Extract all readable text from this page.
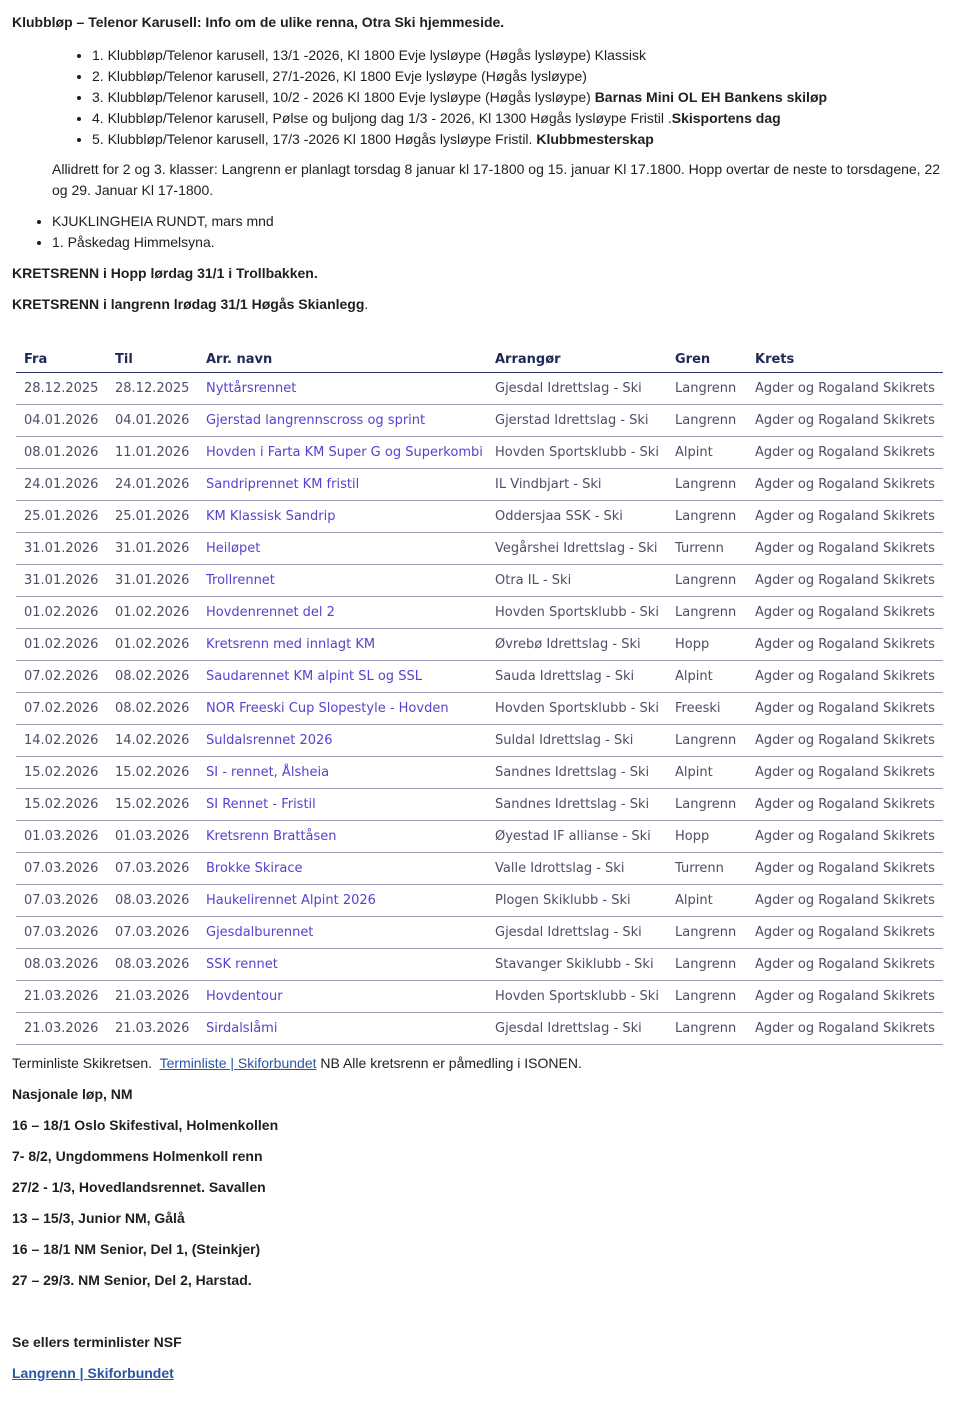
Klubbløp – Telenor Karusell: Info om de ulike renna, Otra Ski hjemmeside.

• 1. Klubbløp/Telenor karusell, 13/1 -2026, Kl 1800 Evje lysløype (Høgås lysløype) Klassisk
• 2. Klubbløp/Telenor karusell, 27/1-2026, Kl 1800 Evje lysløype (Høgås lysløype)
• 3. Klubbløp/Telenor karusell, 10/2 - 2026 Kl 1800 Evje lysløype (Høgås lysløype) Barnas Mini OL EH Bankens skiløp
• 4. Klubbløp/Telenor karusell, Pølse og buljong dag 1/3 - 2026, Kl 1300 Høgås lysløype Fristil .Skisportens dag
• 5. Klubbløp/Telenor karusell, 17/3 -2026 Kl 1800 Høgås lysløype Fristil. Klubbmesterskap
Allidrett for 2 og 3. klasser: Langrenn er planlagt torsdag 8 januar kl 17-1800 og 15. januar Kl 17.1800. Hopp overtar de neste to torsdagene, 22 og 29. Januar Kl 17-1800.
• KJUKLINGHEIA RUNDT, mars mnd
• 1. Påskedag Himmelsyna.

KRETSRENN i Hopp lørdag 31/1 i Trollbakken.

KRETSRENN i langrenn lrødag 31/1 Høgås Skianlegg.

Fra	Til	Arr. navn	Arrangør	Gren	Krets
28.12.2025	28.12.2025	Nyttårsrennet	Gjesdal Idrettslag - Ski	Langrenn	Agder og Rogaland Skikrets
04.01.2026	04.01.2026	Gjerstad langrennscross og sprint	Gjerstad Idrettslag - Ski	Langrenn	Agder og Rogaland Skikrets
08.01.2026	11.01.2026	Hovden i Farta KM Super G og Superkombi	Hovden Sportsklubb - Ski	Alpint	Agder og Rogaland Skikrets
24.01.2026	24.01.2026	Sandriprennet KM fristil	IL Vindbjart - Ski	Langrenn	Agder og Rogaland Skikrets
25.01.2026	25.01.2026	KM Klassisk Sandrip	Oddersjaa SSK - Ski	Langrenn	Agder og Rogaland Skikrets
31.01.2026	31.01.2026	Heiløpet	Vegårshei Idrettslag - Ski	Turrenn	Agder og Rogaland Skikrets
31.01.2026	31.01.2026	Trollrennet	Otra IL - Ski	Langrenn	Agder og Rogaland Skikrets
01.02.2026	01.02.2026	Hovdenrennet del 2	Hovden Sportsklubb - Ski	Langrenn	Agder og Rogaland Skikrets
01.02.2026	01.02.2026	Kretsrenn med innlagt KM	Øvrebø Idrettslag - Ski	Hopp	Agder og Rogaland Skikrets
07.02.2026	08.02.2026	Saudarennet KM alpint SL og SSL	Sauda Idrettslag - Ski	Alpint	Agder og Rogaland Skikrets
07.02.2026	08.02.2026	NOR Freeski Cup Slopestyle - Hovden	Hovden Sportsklubb - Ski	Freeski	Agder og Rogaland Skikrets
14.02.2026	14.02.2026	Suldalsrennet 2026	Suldal Idrettslag - Ski	Langrenn	Agder og Rogaland Skikrets
15.02.2026	15.02.2026	SI - rennet, Ålsheia	Sandnes Idrettslag - Ski	Alpint	Agder og Rogaland Skikrets
15.02.2026	15.02.2026	SI Rennet - Fristil	Sandnes Idrettslag - Ski	Langrenn	Agder og Rogaland Skikrets
01.03.2026	01.03.2026	Kretsrenn Brattåsen	Øyestad IF allianse - Ski	Hopp	Agder og Rogaland Skikrets
07.03.2026	07.03.2026	Brokke Skirace	Valle Idrottslag - Ski	Turrenn	Agder og Rogaland Skikrets
07.03.2026	08.03.2026	Haukelirennet Alpint 2026	Plogen Skiklubb - Ski	Alpint	Agder og Rogaland Skikrets
07.03.2026	07.03.2026	Gjesdalburennet	Gjesdal Idrettslag - Ski	Langrenn	Agder og Rogaland Skikrets
08.03.2026	08.03.2026	SSK rennet	Stavanger Skiklubb - Ski	Langrenn	Agder og Rogaland Skikrets
21.03.2026	21.03.2026	Hovdentour	Hovden Sportsklubb - Ski	Langrenn	Agder og Rogaland Skikrets
21.03.2026	21.03.2026	Sirdalslåmi	Gjesdal Idrettslag - Ski	Langrenn	Agder og Rogaland Skikrets
Terminliste Skikretsen. Terminliste | Skiforbundet NB Alle kretsrenn er påmedling i ISONEN.
Nasjonale løp, NM
16 – 18/1 Oslo Skifestival, Holmenkollen
7- 8/2, Ungdommens Holmenkoll renn
27/2 - 1/3, Hovedlandsrennet. Savallen
13 – 15/3, Junior NM, Gålå
16 – 18/1 NM Senior, Del 1, (Steinkjer)
27 – 29/3. NM Senior, Del 2, Harstad.
Se ellers terminlister NSF
Langrenn | Skiforbundet
